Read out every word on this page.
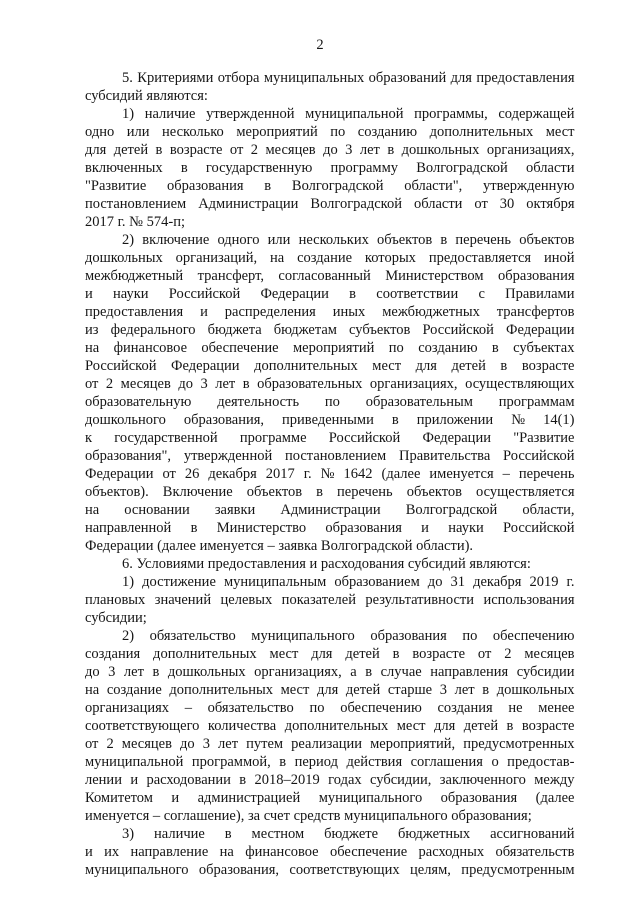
2
5. Критериями отбора муниципальных образований для предоставления
субсидий являются:
1) наличие утвержденной муниципальной программы, содержащей
одно или несколько мероприятий по созданию дополнительных мест
для детей в возрасте от 2 месяцев до 3 лет в дошкольных организациях,
включенных в государственную программу Волгоградской области
"Развитие образования в Волгоградской области", утвержденную
постановлением Администрации Волгоградской области от 30 октября
2017 г. № 574-п;
2) включение одного или нескольких объектов в перечень объектов
дошкольных организаций, на создание которых предоставляется иной
межбюджетный трансферт, согласованный Министерством образования
и науки Российской Федерации в соответствии с Правилами
предоставления и распределения иных межбюджетных трансфертов
из федерального бюджета бюджетам субъектов Российской Федерации
на финансовое обеспечение мероприятий по созданию в субъектах
Российской Федерации дополнительных мест для детей в возрасте
от 2 месяцев до 3 лет в образовательных организациях, осуществляющих
образовательную деятельность по образовательным программам
дошкольного образования, приведенными в приложении № 14(1)
к государственной программе Российской Федерации "Развитие
образования", утвержденной постановлением Правительства Российской
Федерации от 26 декабря 2017 г. № 1642 (далее именуется – перечень
объектов). Включение объектов в перечень объектов осуществляется
на основании заявки Администрации Волгоградской области,
направленной в Министерство образования и науки Российской
Федерации (далее именуется – заявка Волгоградской области).
6. Условиями предоставления и расходования субсидий являются:
1) достижение муниципальным образованием до 31 декабря 2019 г.
плановых значений целевых показателей результативности использования
субсидии;
2) обязательство муниципального образования по обеспечению
создания дополнительных мест для детей в возрасте от 2 месяцев
до 3 лет в дошкольных организациях, а в случае направления субсидии
на создание дополнительных мест для детей старше 3 лет в дошкольных
организациях – обязательство по обеспечению создания не менее
соответствующего количества дополнительных мест для детей в возрасте
от 2 месяцев до 3 лет путем реализации мероприятий, предусмотренных
муниципальной программой, в период действия соглашения о предостав-
лении и расходовании в 2018–2019 годах субсидии, заключенного между
Комитетом и администрацией муниципального образования (далее
именуется – соглашение), за счет средств муниципального образования;
3) наличие в местном бюджете бюджетных ассигнований
и их направление на финансовое обеспечение расходных обязательств
муниципального образования, соответствующих целям, предусмотренным
